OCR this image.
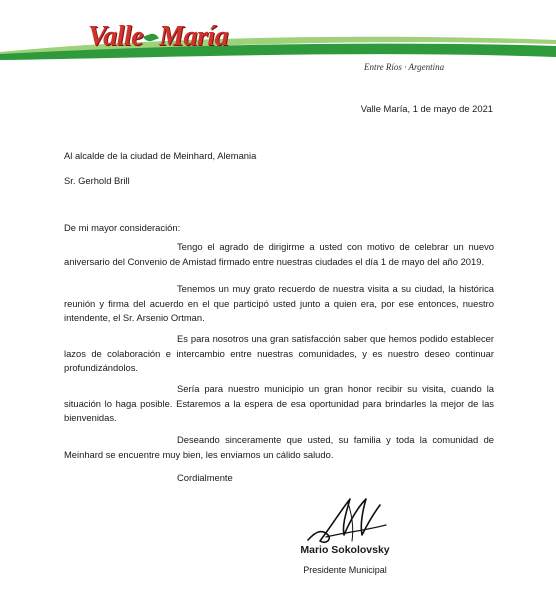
Valle María
Entre Ríos · Argentina
Valle María, 1 de mayo de 2021
Al alcalde de la ciudad de Meinhard, Alemania
Sr. Gerhold Brill
De mi mayor consideración:

Tengo el agrado de dirigirme a usted con motivo de celebrar un nuevo aniversario del Convenio de Amistad firmado entre nuestras ciudades el día 1 de mayo del año 2019.

Tenemos un muy grato recuerdo de nuestra visita a su ciudad, la histórica reunión y firma del acuerdo en el que participó usted junto a quien era, por ese entonces, nuestro intendente, el Sr. Arsenio Ortman.

Es para nosotros una gran satisfacción saber que hemos podido establecer lazos de colaboración e intercambio entre nuestras comunidades, y es nuestro deseo continuar profundizándolos.

Sería para nuestro municipio un gran honor recibir su visita, cuando la situación lo haga posible. Estaremos a la espera de esa oportunidad para brindarles la mejor de las bienvenidas.

Deseando sinceramente que usted, su familia y toda la comunidad de Meinhard se encuentre muy bien, les enviamos un cálido saludo.

Cordialmente
Mario Sokolovsky
Presidente Municipal
